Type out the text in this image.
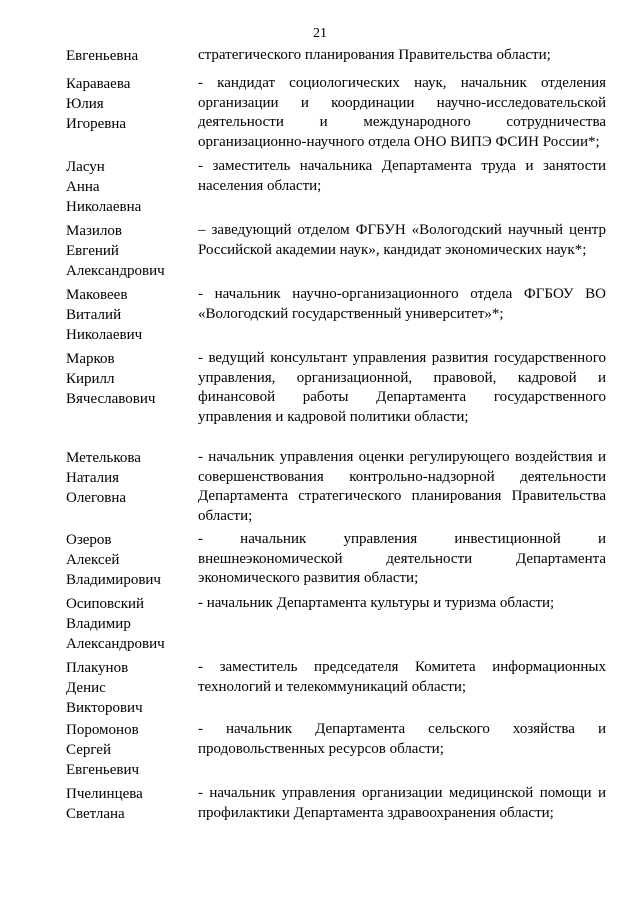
21
Евгеньевна	стратегического планирования Правительства области;
Караваева
Юлия
Игоревна
- кандидат социологических наук, начальник отделения организации и координации научно-исследовательской деятельности и международного сотрудничества организационно-научного отдела ОНО ВИПЭ ФСИН России*;
Ласун
Анна
Николаевна
- заместитель начальника Департамента труда и занятости населения области;
Мазилов
Евгений
Александрович
– заведующий отделом ФГБУН «Вологодский научный центр Российской академии наук», кандидат экономических наук*;
Маковеев
Виталий
Николаевич
- начальник научно-организационного отдела ФГБОУ ВО «Вологодский государственный университет»*;
Марков
Кирилл
Вячеславович
- ведущий консультант управления развития государственного управления, организационной, правовой, кадровой и финансовой работы Департамента государственного управления и кадровой политики области;
Метелькова
Наталия
Олеговна
- начальник управления оценки регулирующего воздействия и совершенствования контрольно-надзорной деятельности Департамента стратегического планирования Правительства области;
Озеров
Алексей
Владимирович
- начальник управления инвестиционной и внешнеэкономической деятельности Департамента экономического развития области;
Осиповский
Владимир
Александрович
- начальник Департамента культуры и туризма области;
Плакунов
Денис
Викторович
- заместитель председателя Комитета информационных технологий и телекоммуникаций области;
Поромонов
Сергей
Евгеньевич
- начальник Департамента сельского хозяйства и продовольственных ресурсов области;
Пчелинцева
Светлана
- начальник управления организации медицинской помощи и профилактики Департамента здравоохранения области;
